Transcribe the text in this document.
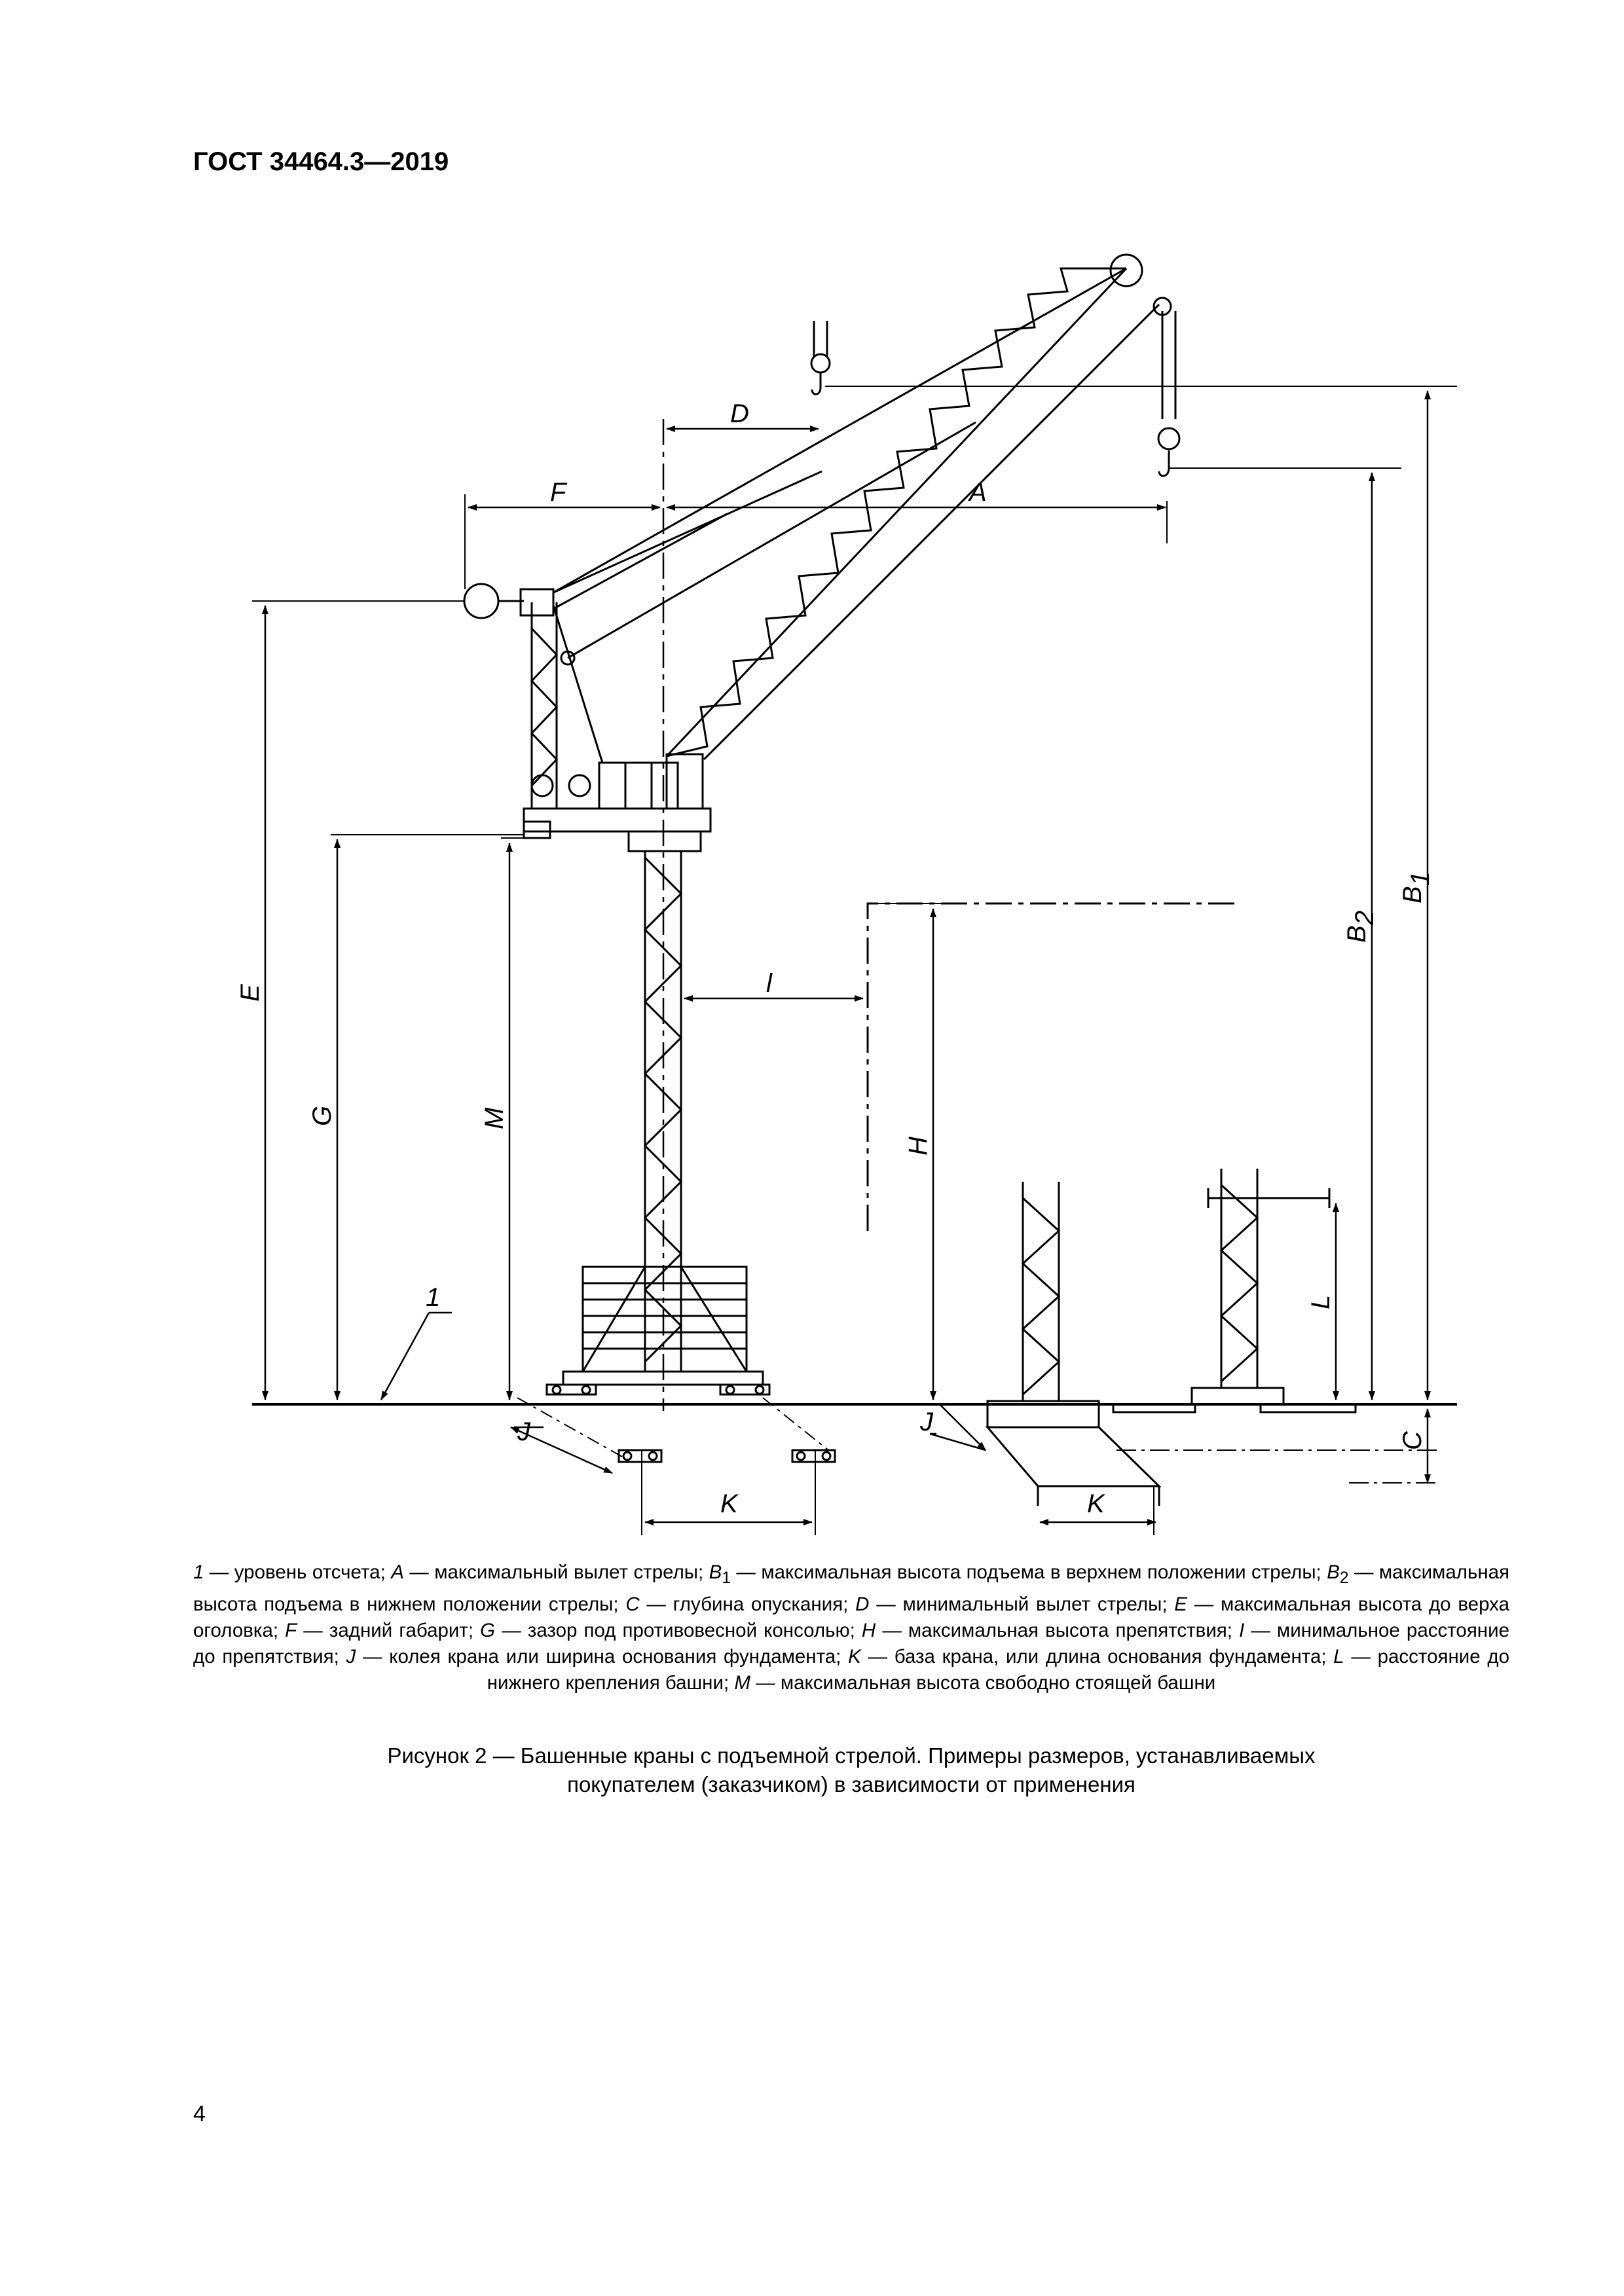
ГОСТ 34464.3—2019
1
A
D
F
E
G	M
l
H
B
2
B
1
C
L
J	J
K	K
1 — уровень отсчета; A — максимальный вылет стрелы; $B_1$ — максимальная высота подъема в верхнем положении стрелы; $B_2$ — максимальная высота подъема в нижнем положении стрелы; C — глубина опускания; D — минимальный вылет стрелы; E — максимальная высота до верха оголовка; F — задний габарит; G — зазор под противовесной консолью; H — максимальная высота препятствия; I — минимальное расстояние до препятствия; J — колея крана или ширина основания фундамента; K — база крана, или длина основания фундамента; L — расстояние до нижнего крепления башни; M — максимальная высота свободно стоящей башни
Рисунок 2 — Башенные краны с подъемной стрелой. Примеры размеров, устанавливаемых
покупателем (заказчиком) в зависимости от применения
4
